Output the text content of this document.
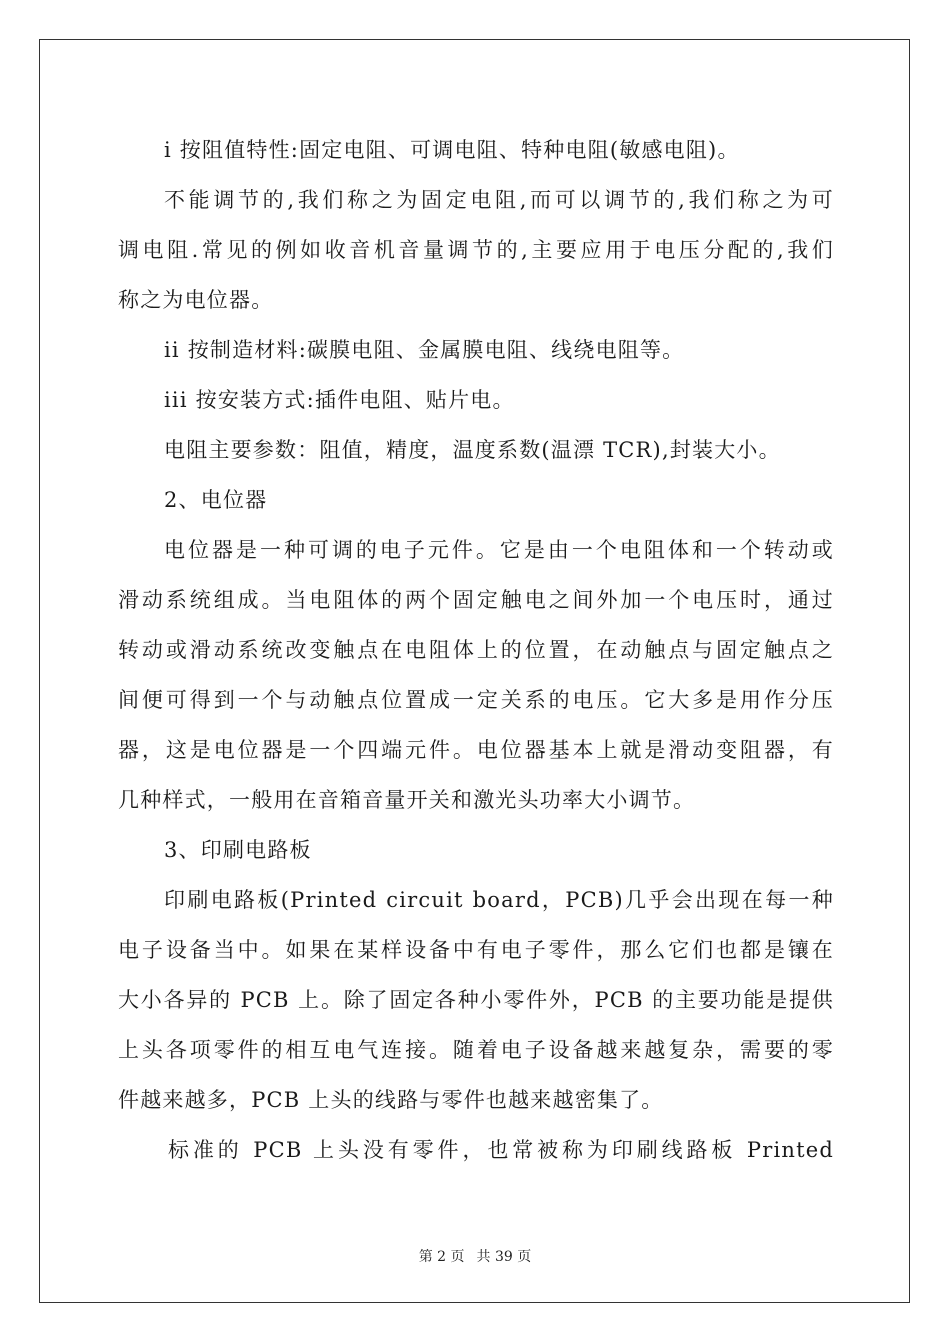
i 按阻值特性:固定电阻、可调电阻、特种电阻(敏感电阻)。
不能调节的,我们称之为固定电阻,而可以调节的,我们称之为可
调电阻.常见的例如收音机音量调节的,主要应用于电压分配的,我们
称之为电位器。
ii 按制造材料:碳膜电阻、金属膜电阻、线绕电阻等。
iii 按安装方式:插件电阻、贴片电。
电阻主要参数：阻值，精度，温度系数(温漂 TCR),封装大小。
2、电位器
电位器是一种可调的电子元件。它是由一个电阻体和一个转动或
滑动系统组成。当电阻体的两个固定触电之间外加一个电压时，通过
转动或滑动系统改变触点在电阻体上的位置，在动触点与固定触点之
间便可得到一个与动触点位置成一定关系的电压。它大多是用作分压
器，这是电位器是一个四端元件。电位器基本上就是滑动变阻器，有
几种样式，一般用在音箱音量开关和激光头功率大小调节。
3、印刷电路板
印刷电路板(Printed circuit board，PCB)几乎会出现在每一种
电子设备当中。如果在某样设备中有电子零件，那么它们也都是镶在
大小各异的 PCB 上。除了固定各种小零件外，PCB 的主要功能是提供
上头各项零件的相互电气连接。随着电子设备越来越复杂，需要的零
件越来越多，PCB 上头的线路与零件也越来越密集了。
标准的 PCB 上头没有零件，也常被称为印刷线路板 Printed
第 2 页 共 39 页
